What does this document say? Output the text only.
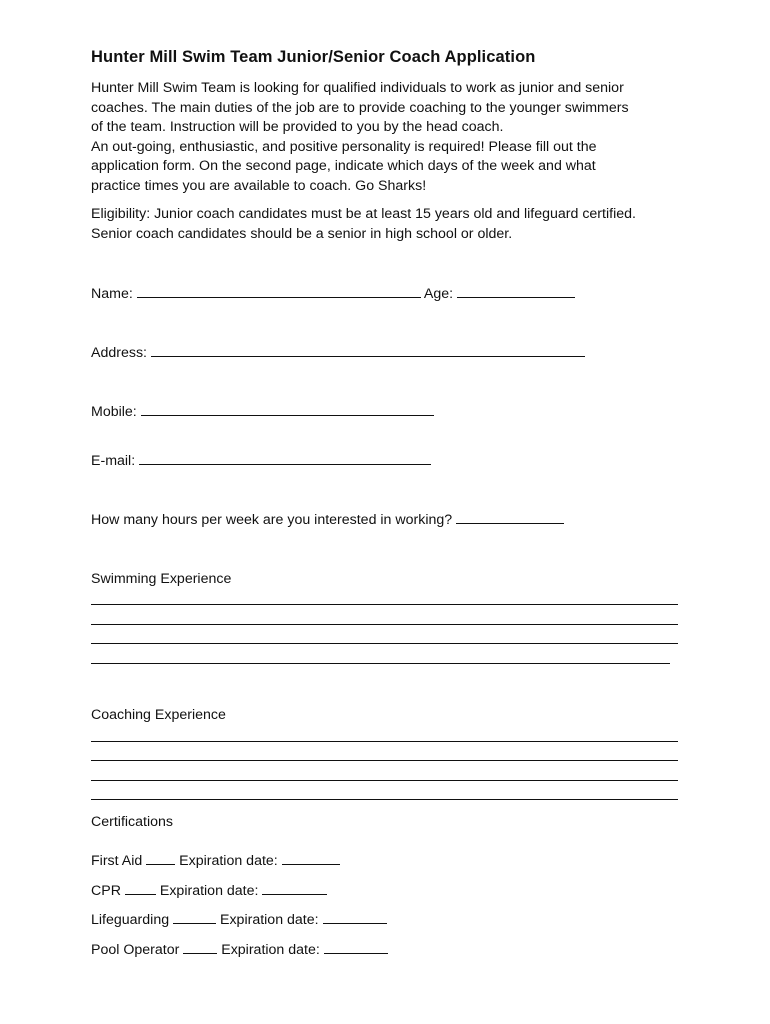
Hunter Mill Swim Team Junior/Senior Coach Application

Hunter Mill Swim Team is looking for qualified individuals to work as junior and senior
coaches. The main duties of the job are to provide coaching to the younger swimmers
of the team. Instruction will be provided to you by the head coach.
An out-going, enthusiastic, and positive personality is required! Please fill out the
application form. On the second page, indicate which days of the week and what
practice times you are available to coach. Go Sharks!

Eligibility: Junior coach candidates must be at least 15 years old and lifeguard certified.
Senior coach candidates should be a senior in high school or older.

Name:	Age:
Address:
Mobile:
E-mail:
How many hours per week are you interested in working?
Swimming Experience
Coaching Experience
Certifications
First Aid	Expiration date:
CPR	Expiration date:
Lifeguarding	Expiration date:
Pool Operator	Expiration date:
